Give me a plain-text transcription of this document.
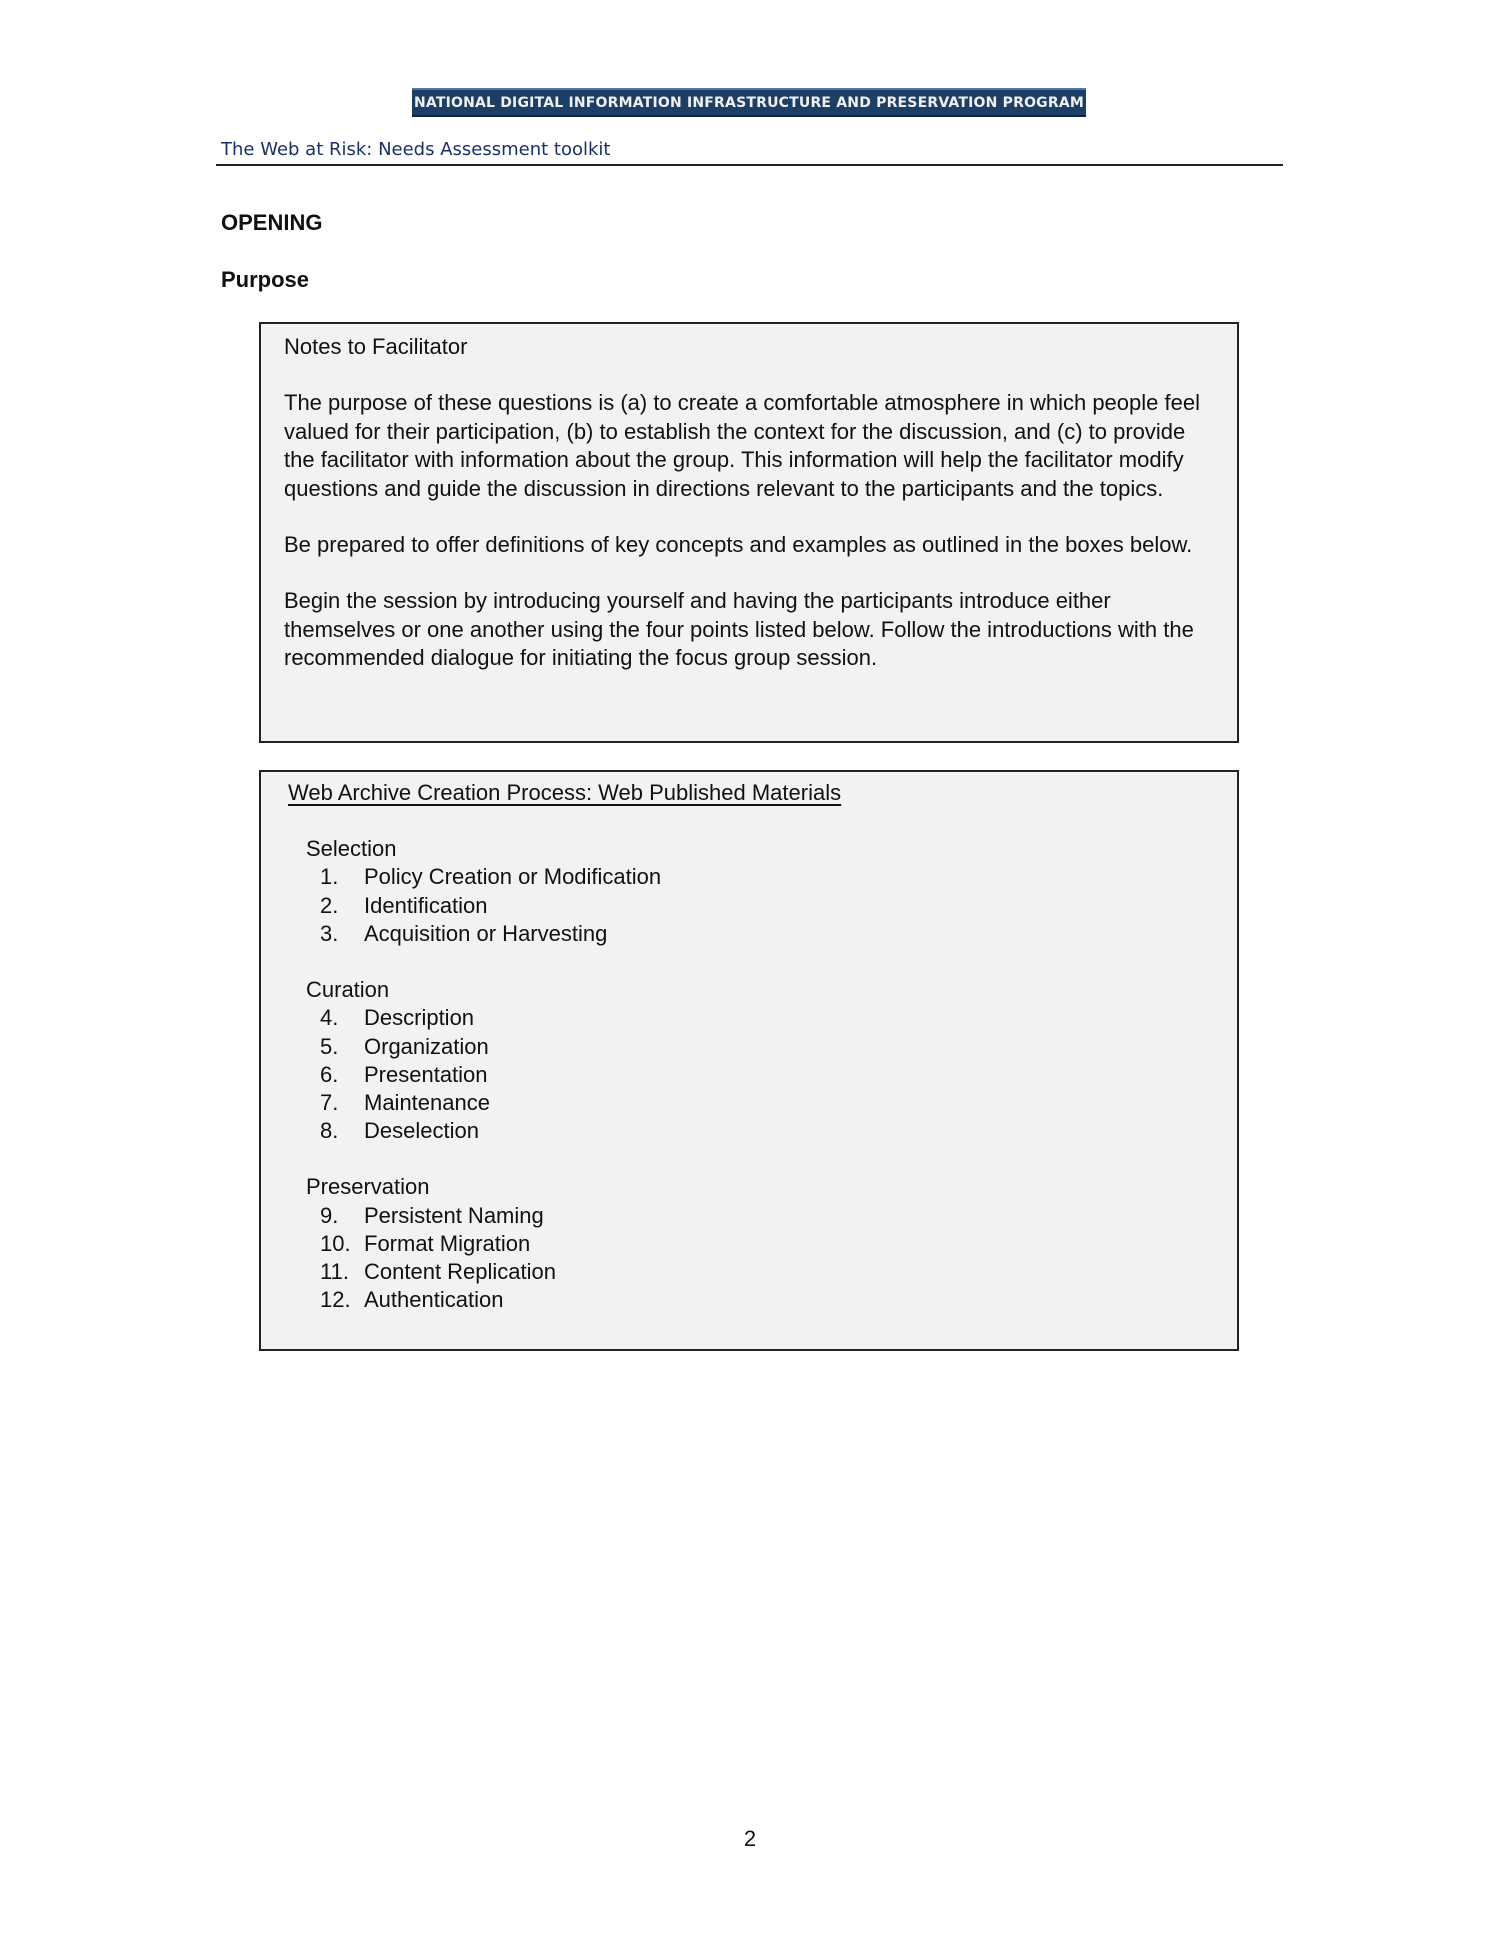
NATIONAL DIGITAL INFORMATION INFRASTRUCTURE AND PRESERVATION PROGRAM
The Web at Risk: Needs Assessment toolkit
OPENING
Purpose

Notes to Facilitator

The purpose of these questions is (a) to create a comfortable atmosphere in which people feel valued for their participation, (b) to establish the context for the discussion, and (c) to provide the facilitator with information about the group. This information will help the facilitator modify questions and guide the discussion in directions relevant to the participants and the topics.

Be prepared to offer definitions of key concepts and examples as outlined in the boxes below.

Begin the session by introducing yourself and having the participants introduce either themselves or one another using the four points listed below. Follow the introductions with the recommended dialogue for initiating the focus group session.

Web Archive Creation Process: Web Published Materials
Selection
1.	Policy Creation or Modification
2.	Identification
3.	Acquisition or Harvesting
Curation
4.	Description
5.	Organization
6.	Presentation
7.	Maintenance
8.	Deselection
Preservation
9.	Persistent Naming
10. Format Migration
11. Content Replication
12. Authentication
2
